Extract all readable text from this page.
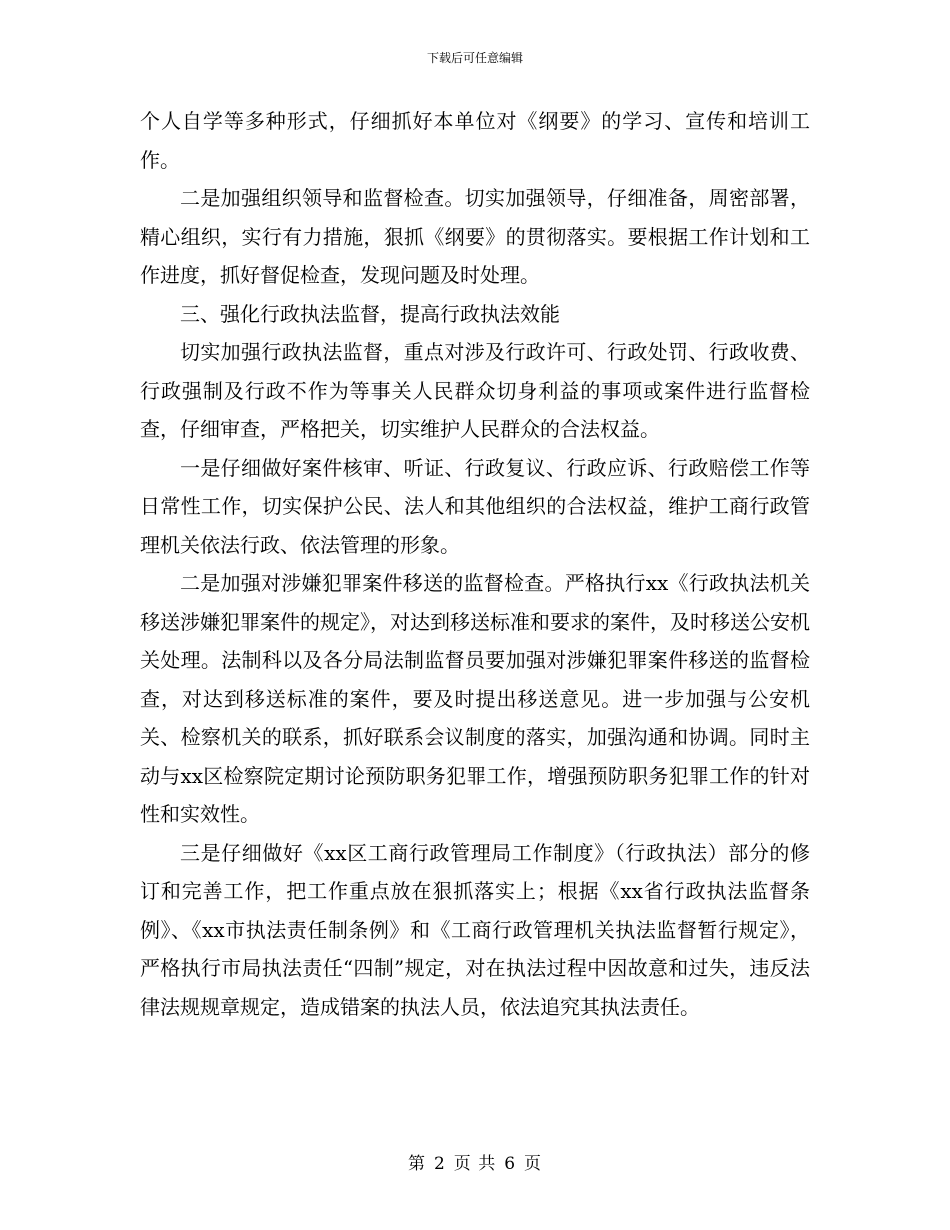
下载后可任意编辑

个人自学等多种形式，仔细抓好本单位对《纲要》的学习、宣传和培训工作。

二是加强组织领导和监督检查。切实加强领导，仔细准备，周密部署，精心组织，实行有力措施，狠抓《纲要》的贯彻落实。要根据工作计划和工作进度，抓好督促检查，发现问题及时处理。

三、强化行政执法监督，提高行政执法效能

切实加强行政执法监督，重点对涉及行政许可、行政处罚、行政收费、行政强制及行政不作为等事关人民群众切身利益的事项或案件进行监督检查，仔细审查，严格把关，切实维护人民群众的合法权益。

一是仔细做好案件核审、听证、行政复议、行政应诉、行政赔偿工作等日常性工作，切实保护公民、法人和其他组织的合法权益，维护工商行政管理机关依法行政、依法管理的形象。

二是加强对涉嫌犯罪案件移送的监督检查。严格执行xx《行政执法机关移送涉嫌犯罪案件的规定》，对达到移送标准和要求的案件，及时移送公安机关处理。法制科以及各分局法制监督员要加强对涉嫌犯罪案件移送的监督检查，对达到移送标准的案件，要及时提出移送意见。进一步加强与公安机关、检察机关的联系，抓好联系会议制度的落实，加强沟通和协调。同时主动与xx区检察院定期讨论预防职务犯罪工作，增强预防职务犯罪工作的针对性和实效性。

三是仔细做好《xx区工商行政管理局工作制度》（行政执法）部分的修订和完善工作，把工作重点放在狠抓落实上；根据《xx省行政执法监督条例》、《xx市执法责任制条例》和《工商行政管理机关执法监督暂行规定》，严格执行市局执法责任“四制”规定，对在执法过程中因故意和过失，违反法律法规规章规定，造成错案的执法人员，依法追究其执法责任。

第 2 页 共 6 页
